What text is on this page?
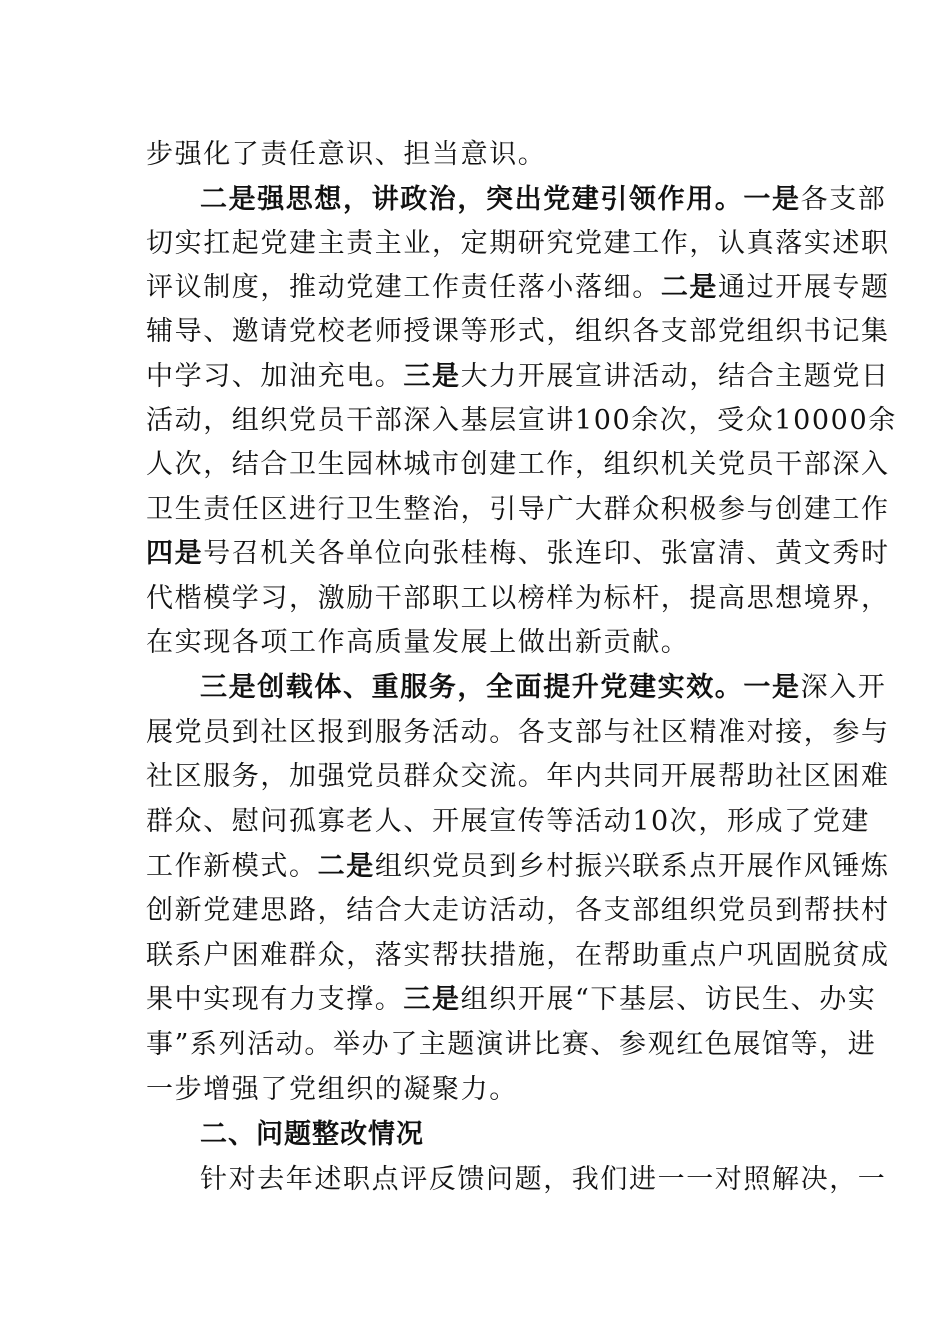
步强化了责任意识、担当意识。
二是强思想，讲政治，突出党建引领作用。一是各支部
切实扛起党建主责主业，定期研究党建工作，认真落实述职
评议制度，推动党建工作责任落小落细。二是通过开展专题
辅导、邀请党校老师授课等形式，组织各支部党组织书记集
中学习、加油充电。三是大力开展宣讲活动，结合主题党日
活动，组织党员干部深入基层宣讲100余次，受众10000余
人次，结合卫生园林城市创建工作，组织机关党员干部深入
卫生责任区进行卫生整治，引导广大群众积极参与创建工作
四是号召机关各单位向张桂梅、张连印、张富清、黄文秀时
代楷模学习，激励干部职工以榜样为标杆，提高思想境界，
在实现各项工作高质量发展上做出新贡献。
三是创载体、重服务，全面提升党建实效。一是深入开
展党员到社区报到服务活动。各支部与社区精准对接，参与
社区服务，加强党员群众交流。年内共同开展帮助社区困难
群众、慰问孤寡老人、开展宣传等活动10次，形成了党建
工作新模式。二是组织党员到乡村振兴联系点开展作风锤炼
创新党建思路，结合大走访活动，各支部组织党员到帮扶村
联系户困难群众，落实帮扶措施，在帮助重点户巩固脱贫成
果中实现有力支撑。三是组织开展“下基层、访民生、办实
事”系列活动。举办了主题演讲比赛、参观红色展馆等，进
一步增强了党组织的凝聚力。
二、问题整改情况
针对去年述职点评反馈问题，我们进一一对照解决，一
